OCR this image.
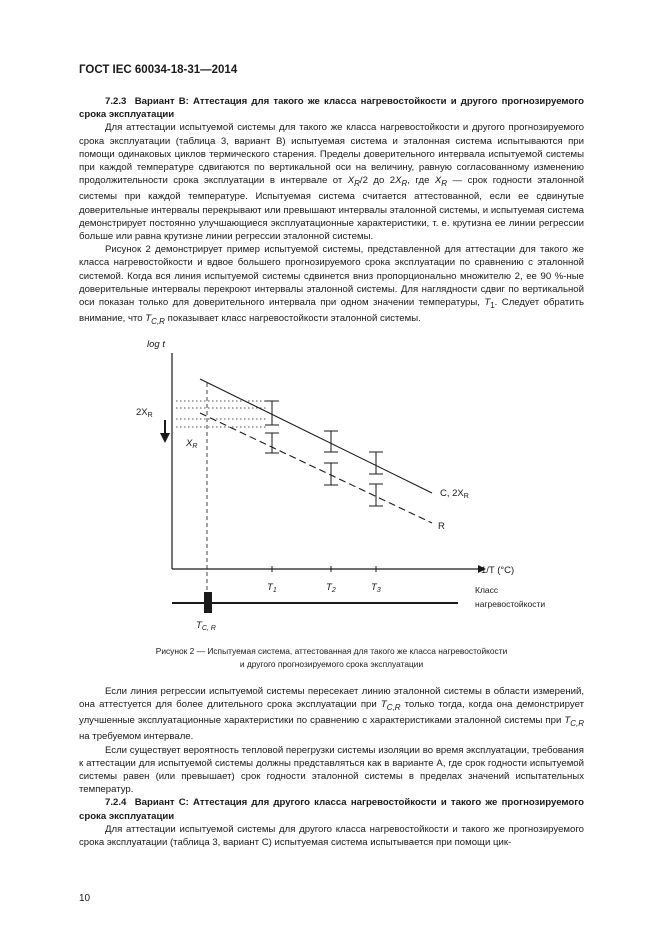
ГОСТ IEC 60034-18-31—2014

7.2.3 Вариант В: Аттестация для такого же класса нагревостойкости и другого прогнозируемого срока эксплуатации

Для аттестации испытуемой системы для такого же класса нагревостойкости и другого прогнозируемого срока эксплуатации (таблица 3, вариант В) испытуемая система и эталонная система испытываются при помощи одинаковых циклов термического старения. Пределы доверительного интервала испытуемой системы при каждой температуре сдвигаются по вертикальной оси на величину, равную согласованному изменению продолжительности срока эксплуатации в интервале от $X_R/2$ до $2X_R$, где $X_R$ — срок годности эталонной системы при каждой температуре. Испытуемая система считается аттестованной, если ее сдвинутые доверительные интервалы перекрывают или превышают интервалы эталонной системы, и испытуемая система демонстрирует постоянно улучшающиеся эксплуатационные характеристики, т. е. крутизна ее линии регрессии больше или равна крутизне линии регрессии эталонной системы.

Рисунок 2 демонстрирует пример испытуемой системы, представленной для аттестации для такого же класса нагревостойкости и вдвое большего прогнозируемого срока эксплуатации по сравнению с эталонной системой. Когда вся линия испытуемой системы сдвинется вниз пропорционально множителю 2, ее 90 %-ные доверительные интервалы перекроют интервалы эталонной системы. Для наглядности сдвиг по вертикальной оси показан только для доверительного интервала при одном значении температуры, $T_1$. Следует обратить внимание, что $T_{C,R}$ показывает класс нагревостойкости эталонной системы.

log t
$2X_R$
$X_R$
C, $2X_R$
R
1/T (°C)
$T_1$	$T_2$	$T_3$	Класс
нагревостойкости
$T_{C, R}$
Рисунок 2 — Испытуемая система, аттестованная для такого же класса нагревостойкости
и другого прогнозируемого срока эксплуатации

Если линия регрессии испытуемой системы пересекает линию эталонной системы в области измерений, она аттестуется для более длительного срока эксплуатации при $T_{C,R}$ только тогда, когда она демонстрирует улучшенные эксплуатационные характеристики по сравнению с характеристиками эталонной системы при $T_{C,R}$ на требуемом интервале.

Если существует вероятность тепловой перегрузки системы изоляции во время эксплуатации, требования к аттестации для испытуемой системы должны представляться как в варианте А, где срок годности испытуемой системы равен (или превышает) срок годности эталонной системы в пределах значений испытательных температур.

7.2.4 Вариант С: Аттестация для другого класса нагревостойкости и такого же прогнозируемого срока эксплуатации

Для аттестации испытуемой системы для другого класса нагревостойкости и такого же прогнозируемого срока эксплуатации (таблица 3, вариант С) испытуемая система испытывается при помощи цик-

10
